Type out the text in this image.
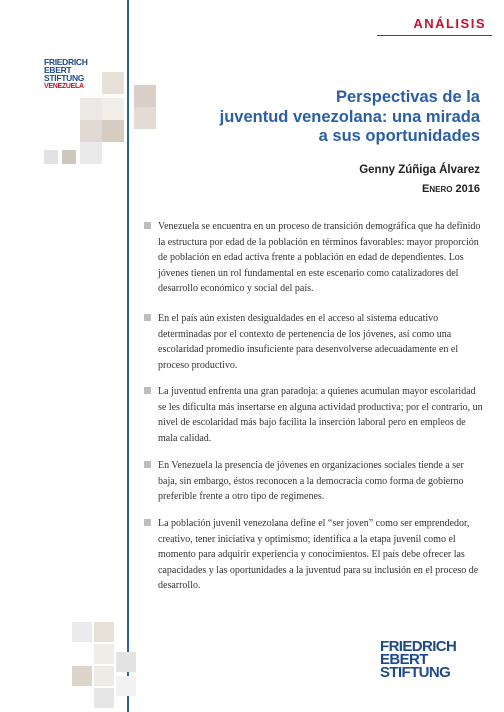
ANÁLISIS
FRIEDRICH
EBERT
STIFTUNG
VENEZUELA
Perspectivas de la
juventud venezolana: una mirada
a sus oportunidades
Genny Zúñiga Álvarez
Enero 2016
Venezuela se encuentra en un proceso de transición demográfica que ha definido la estructura por edad de la población en términos favorables: mayor proporción de población en edad activa frente a población en edad de dependientes. Los jóvenes tienen un rol fundamental en este escenario como catalizadores del desarrollo económico y social del país.
En el país aún existen desigualdades en el acceso al sistema educativo determinadas por el contexto de pertenencia de los jóvenes, así como una escolaridad promedio insuficiente para desenvolverse adecuadamente en el proceso productivo.
La juventud enfrenta una gran paradoja: a quienes acumulan mayor escolaridad se les dificulta más insertarse en alguna actividad productiva; por el contrario, un nivel de escolaridad más bajo facilita la inserción laboral pero en empleos de mala calidad.
En Venezuela la presencia de jóvenes en organizaciones sociales tiende a ser baja, sin embargo, éstos reconocen a la democracia como forma de gobierno preferible frente a otro tipo de regimenes.
La población juvenil venezolana define el “ser joven” como ser emprendedor, creativo, tener iniciativa y optimismo; identifica a la etapa juvenil como el momento para adquirir experiencia y conocimientos. El país debe ofrecer las capacidades y las oportunidades a la juventud para su inclusión en el proceso de desarrollo.
FRIEDRICH
EBERT
STIFTUNG
